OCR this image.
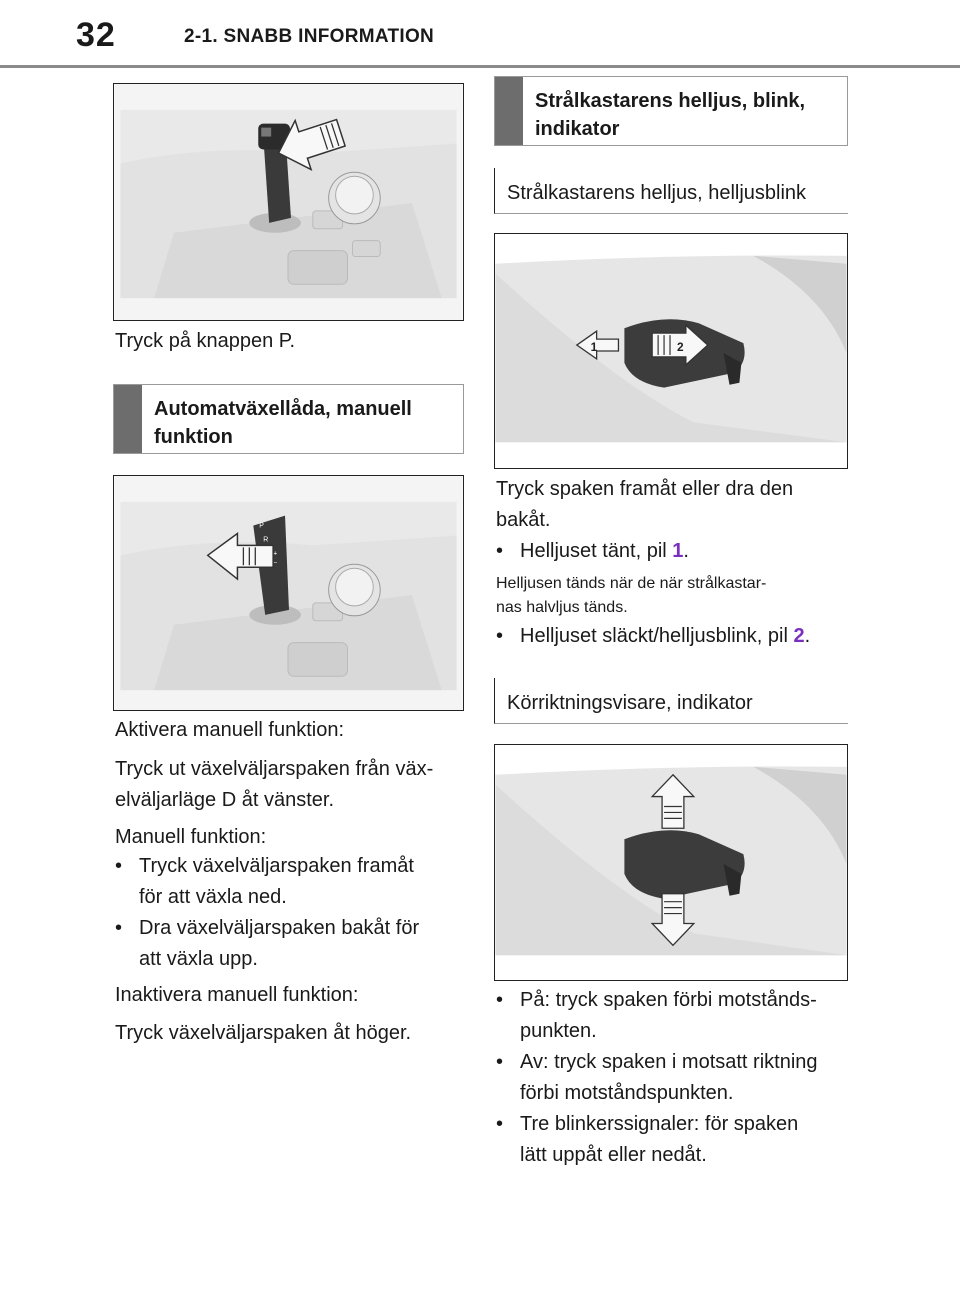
32	2-1. SNABB INFORMATION
Tryck på knappen P.
Automatväxellåda, manuell funktion
P
R
+
−
Aktivera manuell funktion:
Tryck ut växelväljarspaken från väx-
elväljarläge D åt vänster.
Manuell funktion:
• Tryck växelväljarspaken framåt
för att växla ned.
• Dra växelväljarspaken bakåt för
att växla upp.
Inaktivera manuell funktion:
Tryck växelväljarspaken åt höger.
Strålkastarens helljus, blink, indikator
Strålkastarens helljus, helljusblink
1	2
Tryck spaken framåt eller dra den
bakåt.
• Helljuset tänt, pil 1.
Helljusen tänds när de när strålkastar-
nas halvljus tänds.
• Helljuset släckt/helljusblink, pil 2.
Körriktningsvisare, indikator
• På: tryck spaken förbi motstånds-
punkten.
• Av: tryck spaken i motsatt riktning
förbi motståndspunkten.
• Tre blinkerssignaler: för spaken
lätt uppåt eller nedåt.
